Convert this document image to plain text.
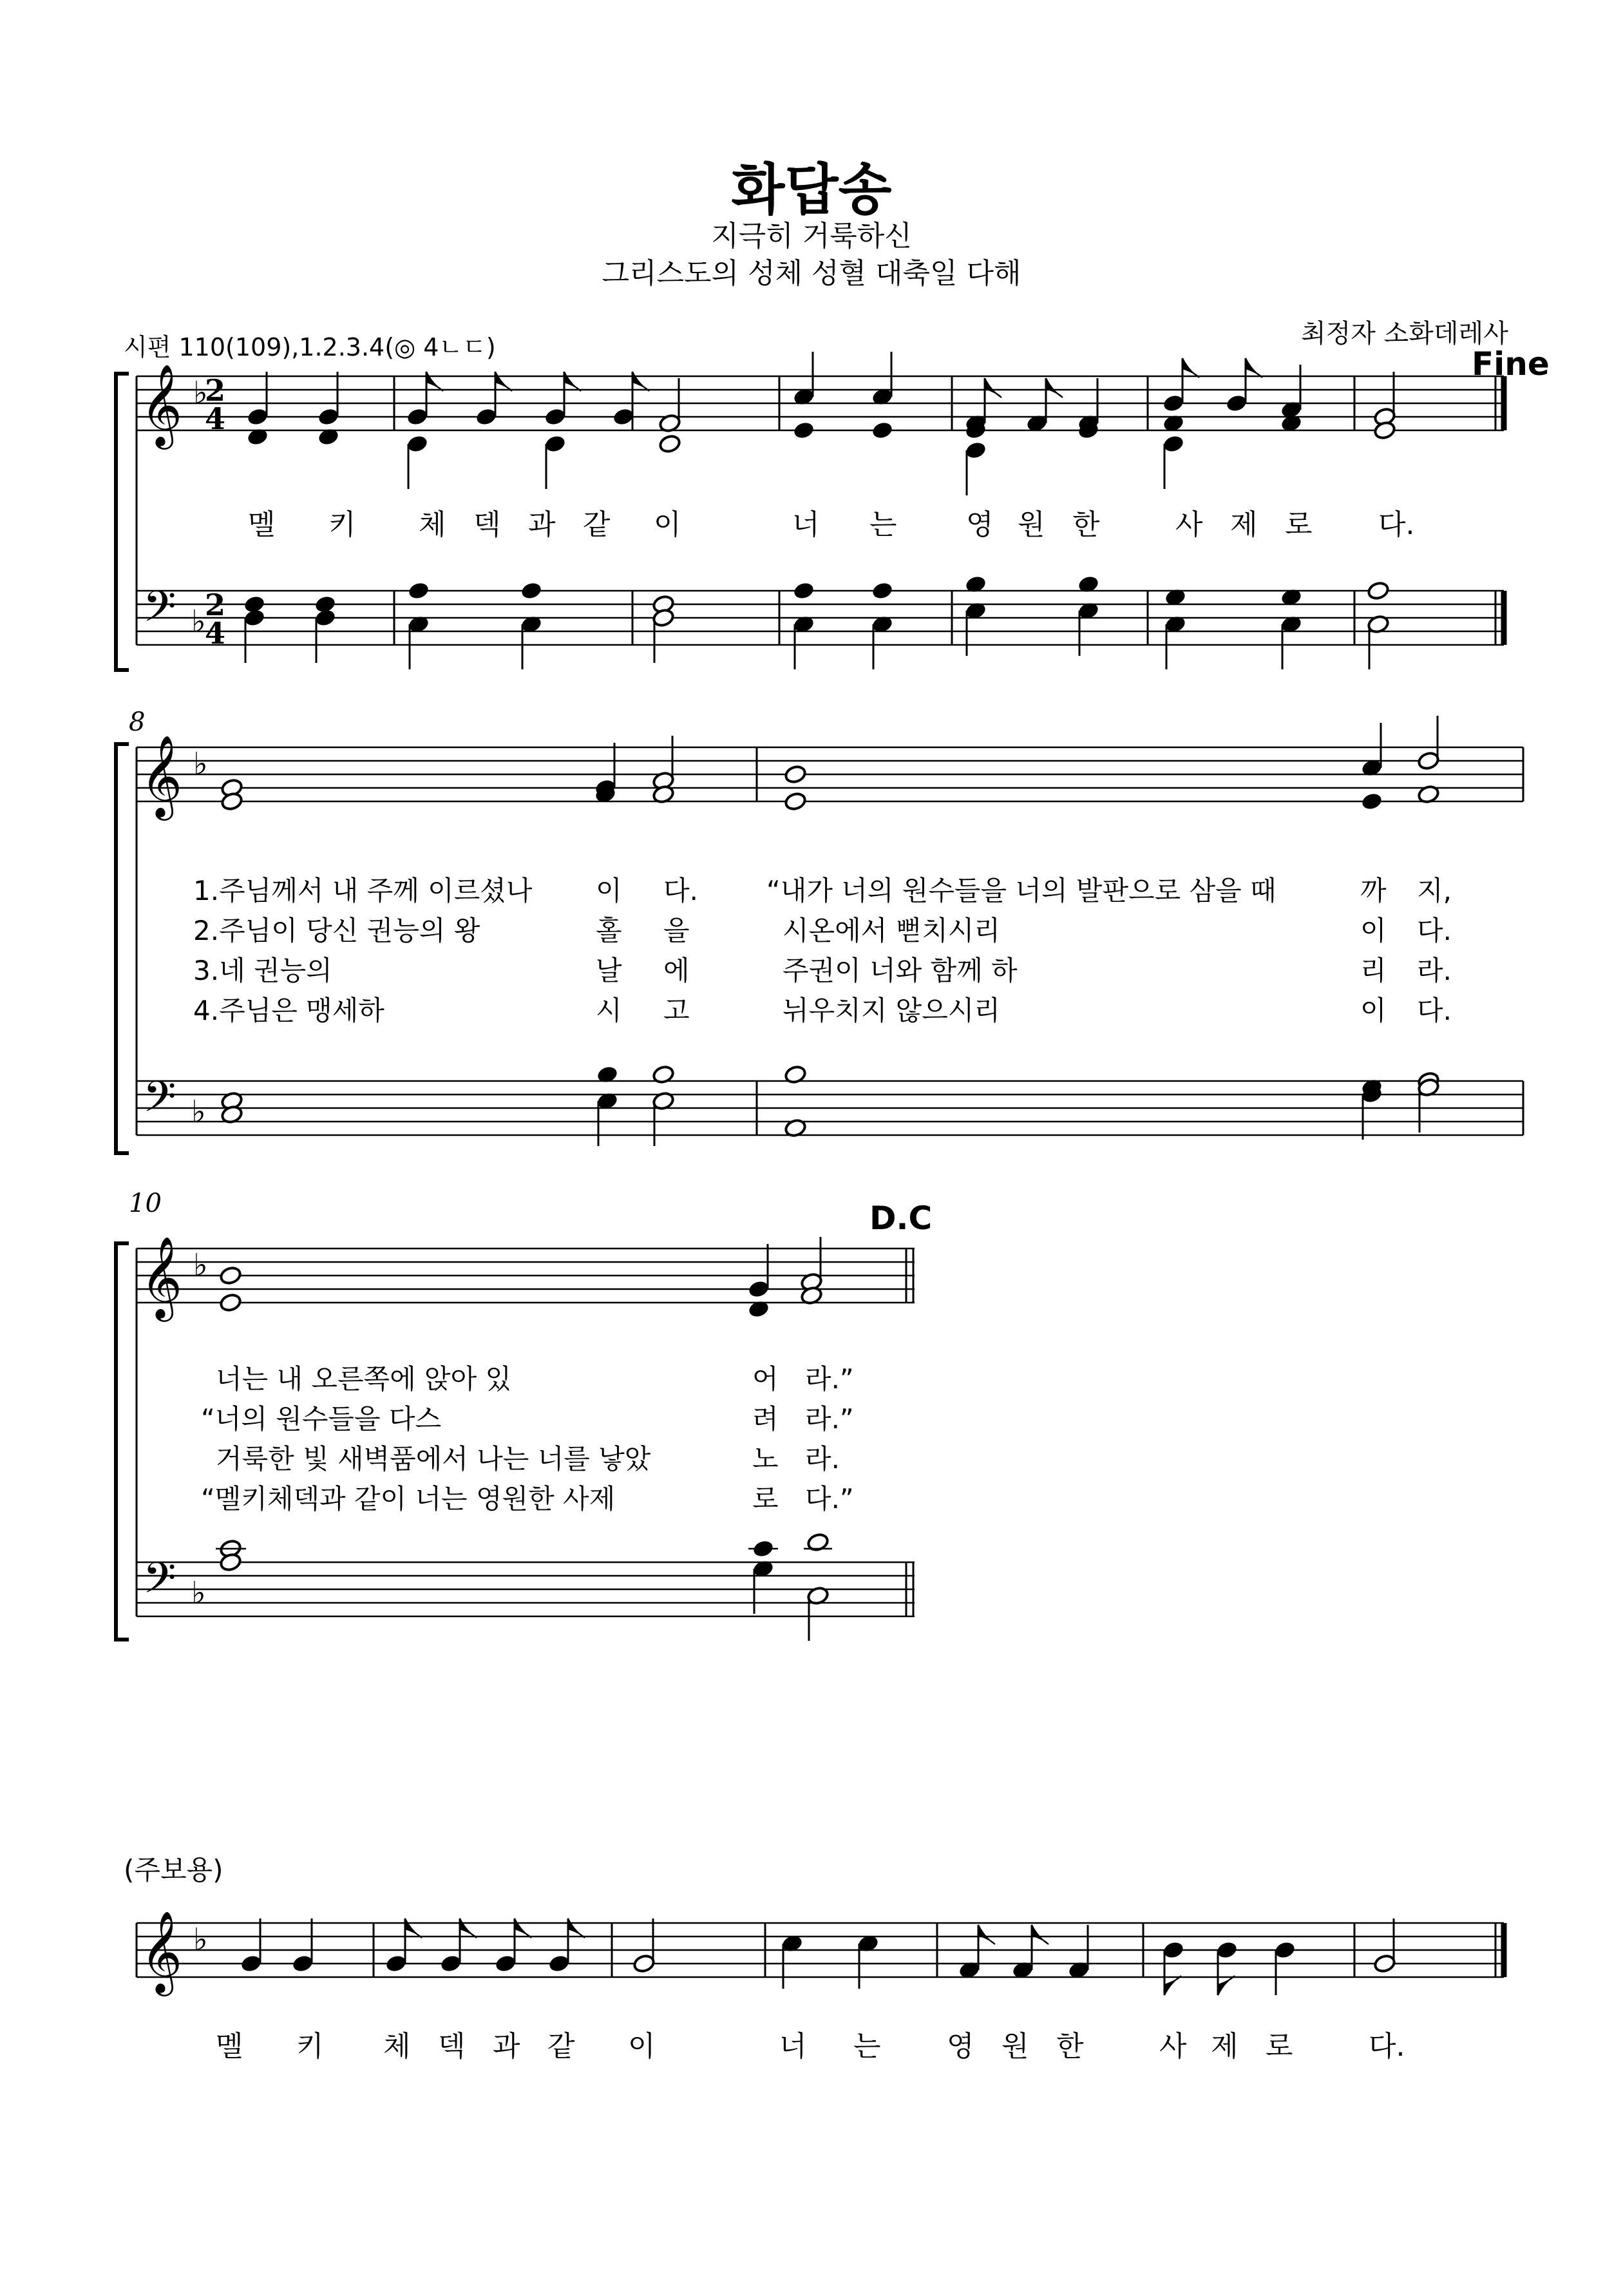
화답송
지극히 거룩하신
그리스도의 성체 성혈 대축일 다해
시편 110(109),1.2.3.4(◎ 4ㄴㄷ)	최정자 소화데레사
Fine
D.C
8
10
(주보용)
멜 키 체 덱 과 같 이	너 는 영 원 한	사 제 로 다.
멜 키 체 덱 과 같 이	너 는 영 원 한	사 제 로	다.
1.주님께서 내 주께 이르셨나 이 다.	“내가 너의 원수들을 너의 발판으로 삼을 때	까 지,
2.주님이 당신 권능의 왕	홀 을	시온에서 뻗치시리	이 다.
3.네 권능의	날 에	주권이 너와 함께 하	리 라.
4.주님은 맹세하	시 고	뉘우치지 않으시리	이 다.
너는 내 오른쪽에 앉아 있	어 라.”
“너의 원수들을 다스	려 라.”
거룩한 빛 새벽품에서 나는 너를 낳았	노 라.
“멜키체덱과 같이 너는 영원한 사제	로 다.”
𝄞
𝄢
♭
♭
2
4
2
4
𝄞
𝄢
♭
♭
𝄞
𝄢
♭
♭
𝄞 ♭
